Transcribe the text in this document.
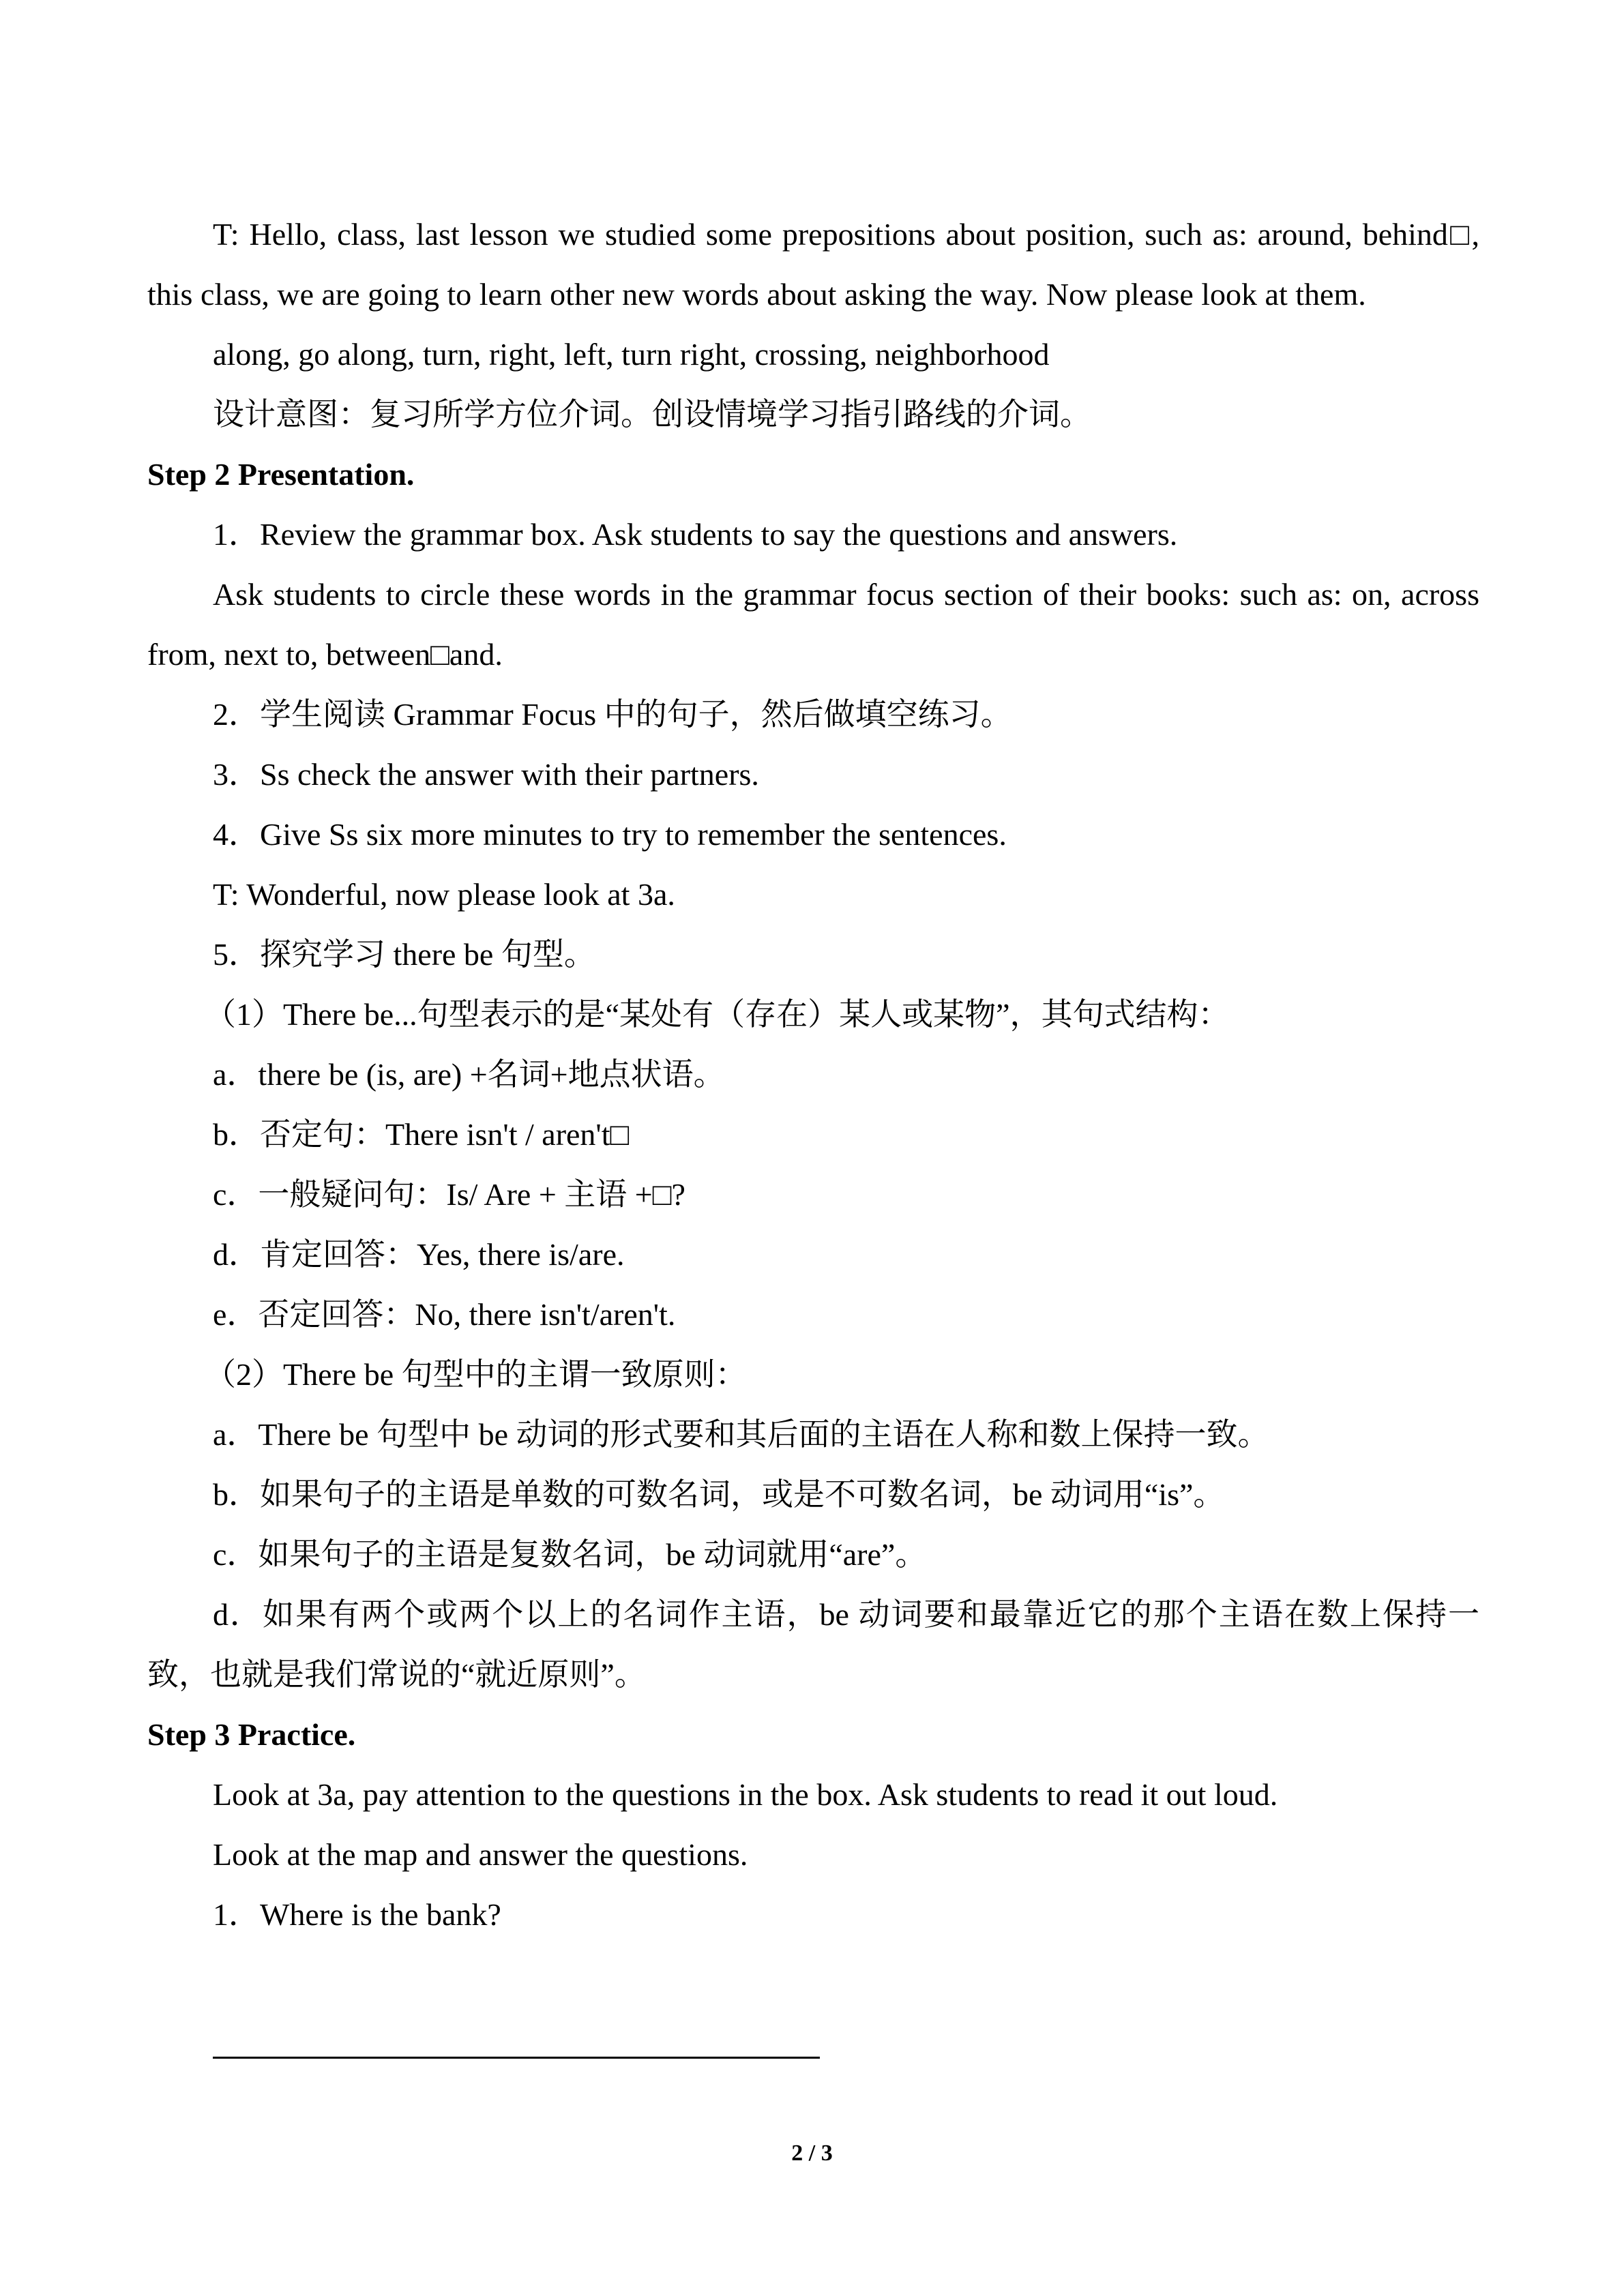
T: Hello, class, last lesson we studied some prepositions about position, such as: around, behind□, this class, we are going to learn other new words about asking the way. Now please look at them.

along, go along, turn, right, left, turn right, crossing, neighborhood

设计意图：复习所学方位介词。创设情境学习指引路线的介词。

Step 2 Presentation.

1．Review the grammar box. Ask students to say the questions and answers.

Ask students to circle these words in the grammar focus section of their books: such as: on, across from, next to, between□and.

2．学生阅读 Grammar Focus 中的句子，然后做填空练习。

3．Ss check the answer with their partners.

4．Give Ss six more minutes to try to remember the sentences.

T: Wonderful, now please look at 3a.

5．探究学习 there be 句型。

（1）There be...句型表示的是“某处有（存在）某人或某物”，其句式结构：

a．there be (is, are) +名词+地点状语。

b．否定句：There isn't / aren't□

c．一般疑问句：Is/ Are + 主语 +□?

d．肯定回答：Yes, there is/are.

e．否定回答：No, there isn't/aren't.

（2）There be 句型中的主谓一致原则：

a．There be 句型中 be 动词的形式要和其后面的主语在人称和数上保持一致。

b．如果句子的主语是单数的可数名词，或是不可数名词，be 动词用“is”。

c．如果句子的主语是复数名词，be 动词就用“are”。

d．如果有两个或两个以上的名词作主语，be 动词要和最靠近它的那个主语在数上保持一致，也就是我们常说的“就近原则”。

Step 3 Practice.

Look at 3a, pay attention to the questions in the box. Ask students to read it out loud.

Look at the map and answer the questions.

1．Where is the bank?

2 / 3
